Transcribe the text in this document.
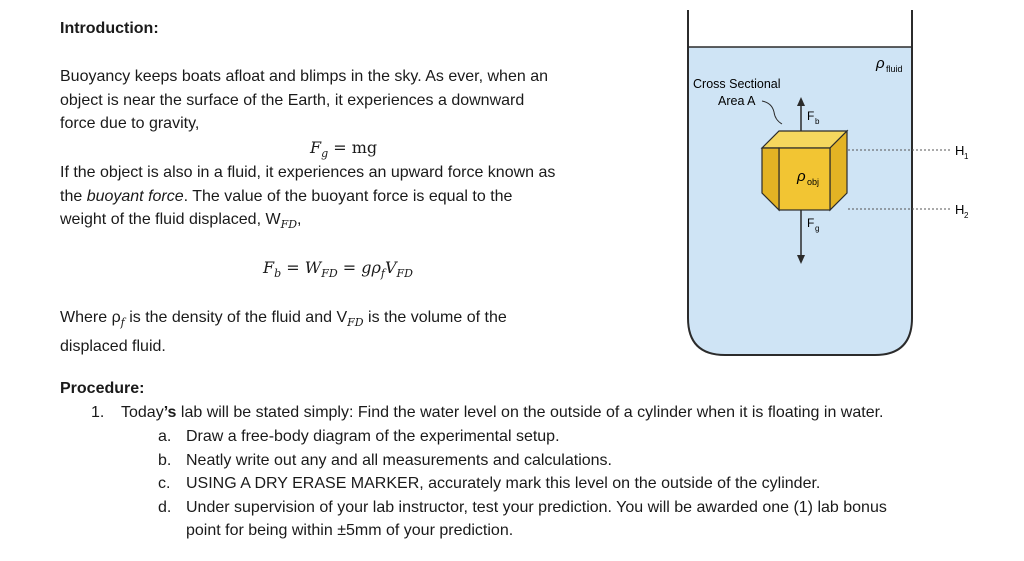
Introduction:
Buoyancy keeps boats afloat and blimps in the sky. As ever, when an
object is near the surface of the Earth, it experiences a downward
force due to gravity,
$F_g$ = mg
If the object is also in a fluid, it experiences an upward force known as
the buoyant force. The value of the buoyant force is equal to the
weight of the fluid displaced, $W_{FD}$,
$F_b = W_{FD} = g\rho_fV_{FD}$
Where $\rho_f$ is the density of the fluid and $V_{FD}$ is the volume of the
displaced fluid.
ρ fluid
Cross Sectional
Area A
ρ obj
F b
F g
H 1
H 2
Procedure:
1. Today’s lab will be stated simply: Find the water level on the outside of a cylinder when it is floating in water.
a. Draw a free-body diagram of the experimental setup.
b. Neatly write out any and all measurements and calculations.
c. USING A DRY ERASE MARKER, accurately mark this level on the outside of the cylinder.
d. Under supervision of your lab instructor, test your prediction. You will be awarded one (1) lab bonus
point for being within ±5mm of your prediction.
